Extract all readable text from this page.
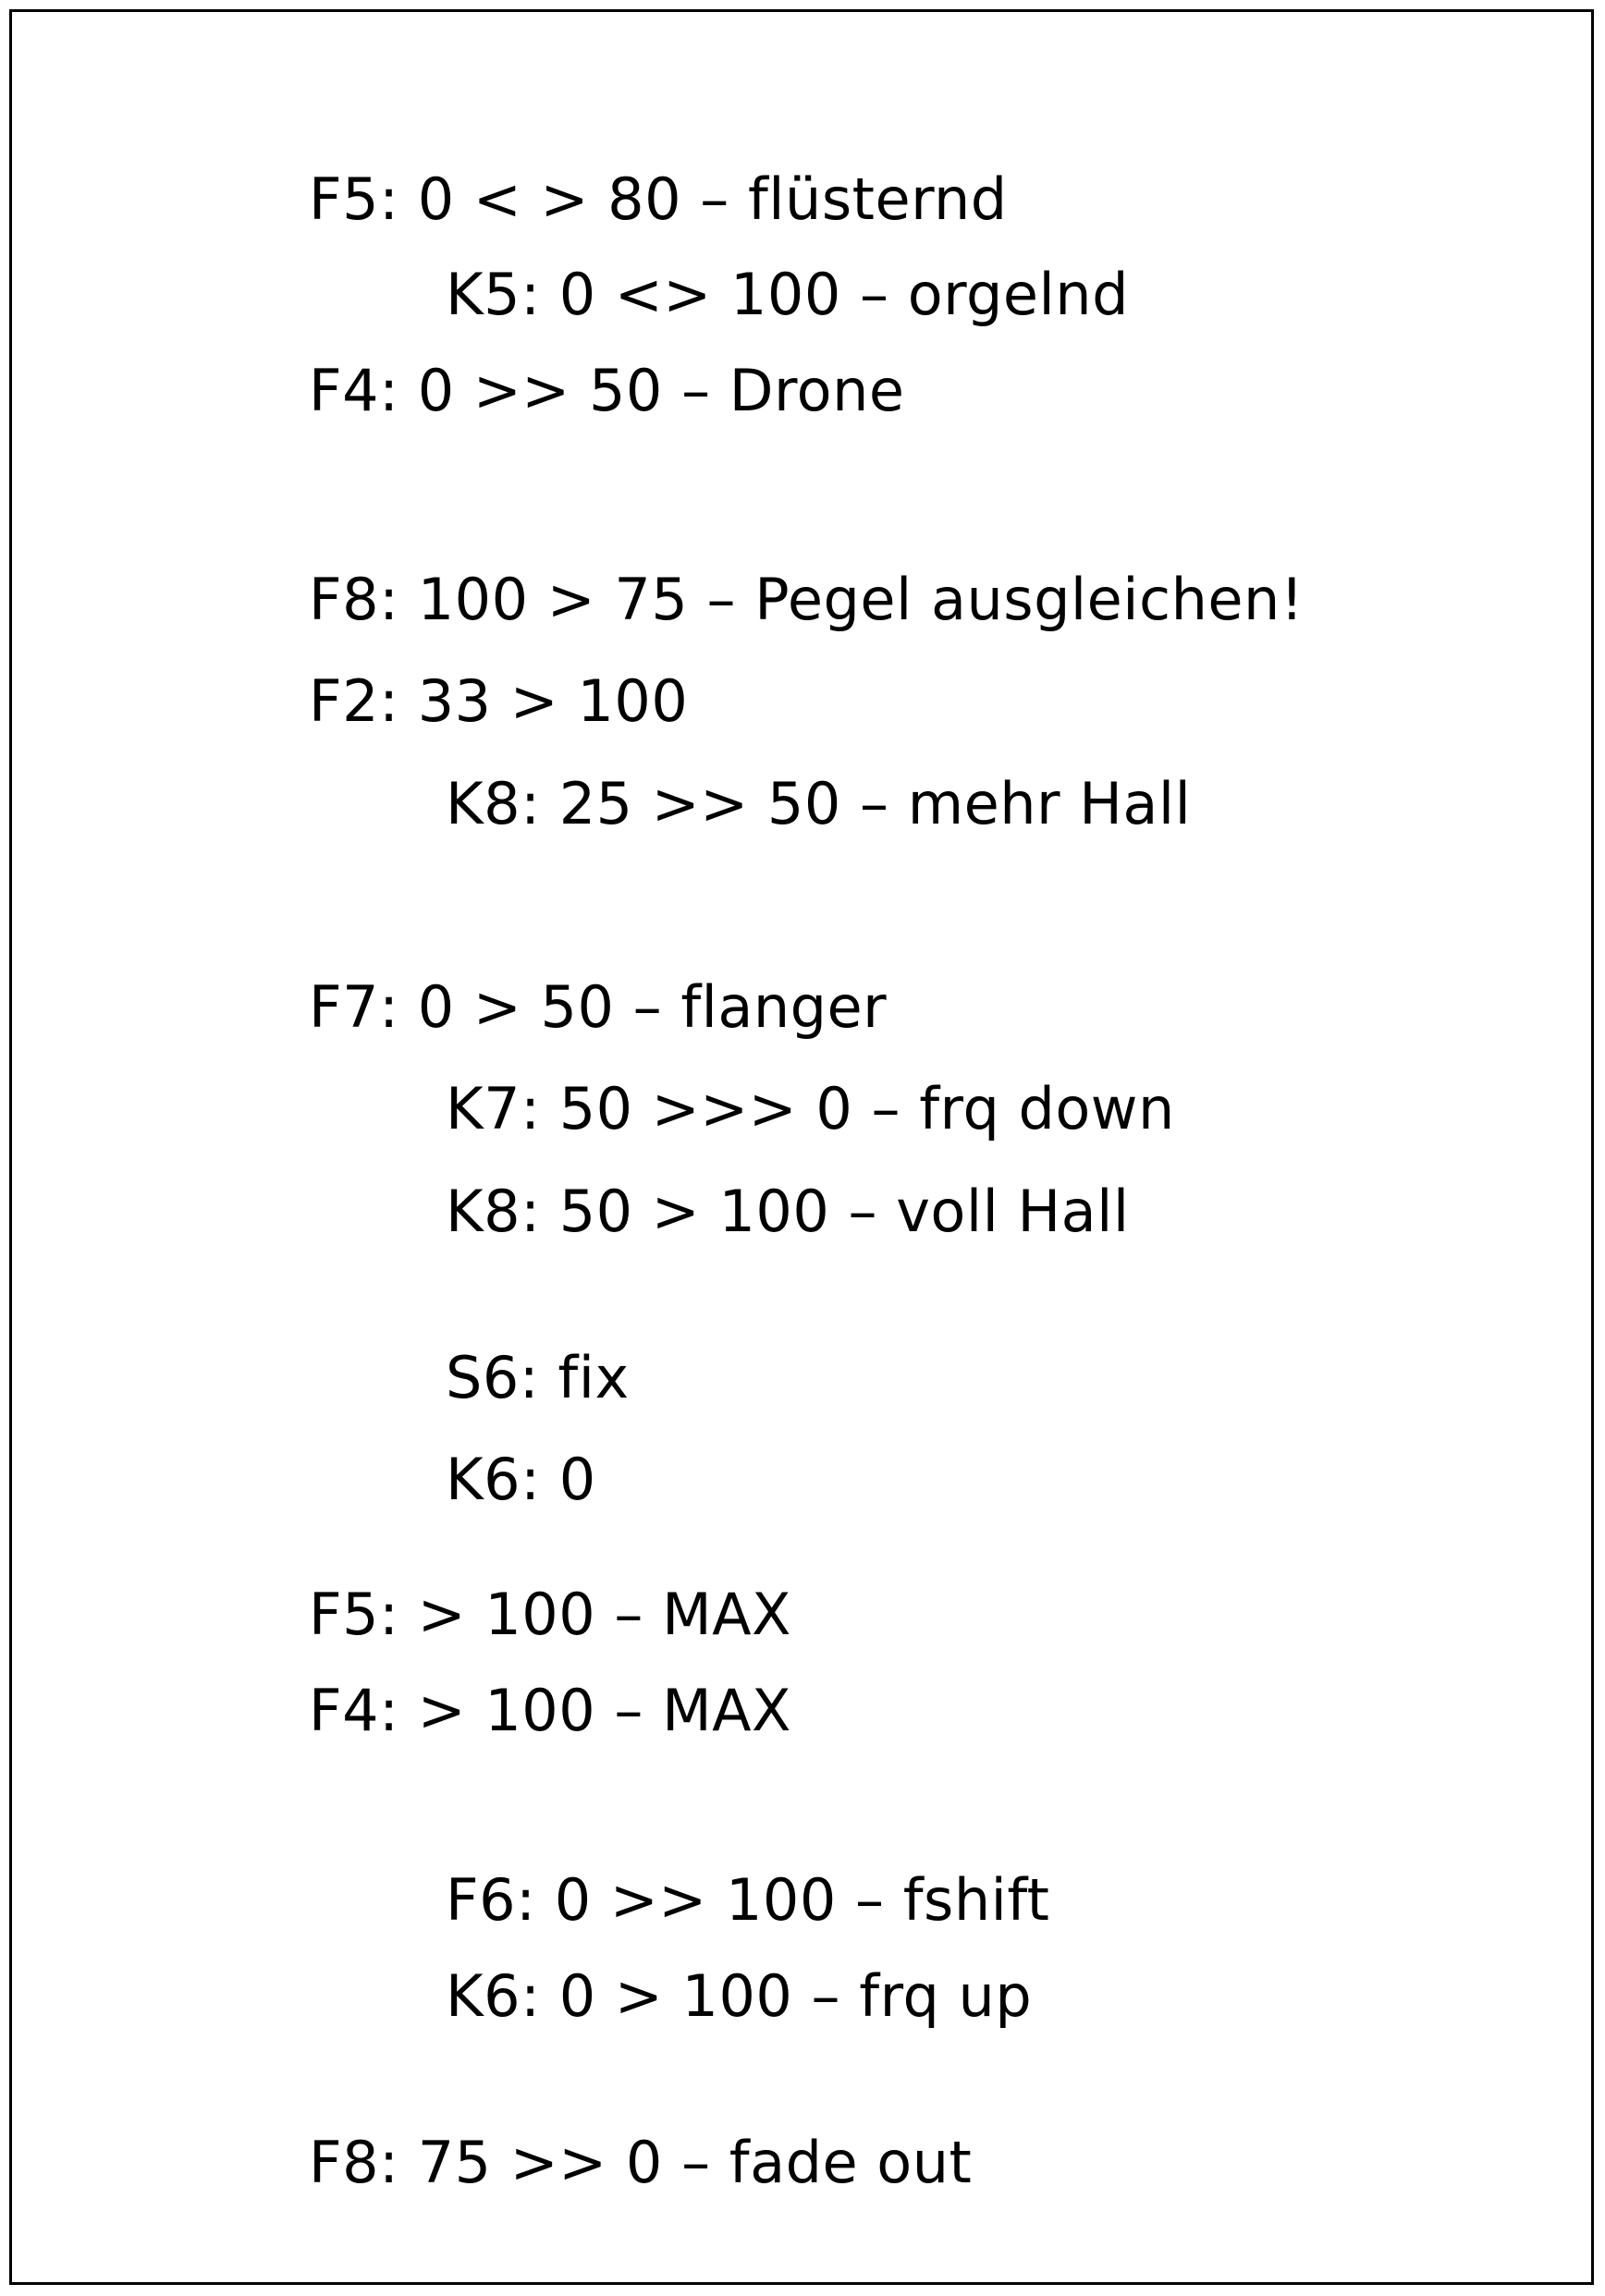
F5: 0 < > 80 – flüsternd
K5: 0 <> 100 – orgelnd
F4: 0 >> 50 – Drone
F8: 100 > 75 – Pegel ausgleichen!
F2: 33 > 100
K8: 25 >> 50 – mehr Hall
F7: 0 > 50 – flanger
K7: 50 >>> 0 – frq down
K8: 50 > 100 – voll Hall
S6: fix
K6: 0
F5: > 100 – MAX
F4: > 100 – MAX
F6: 0 >> 100 – fshift
K6: 0 > 100 – frq up
F8: 75 >> 0 – fade out
